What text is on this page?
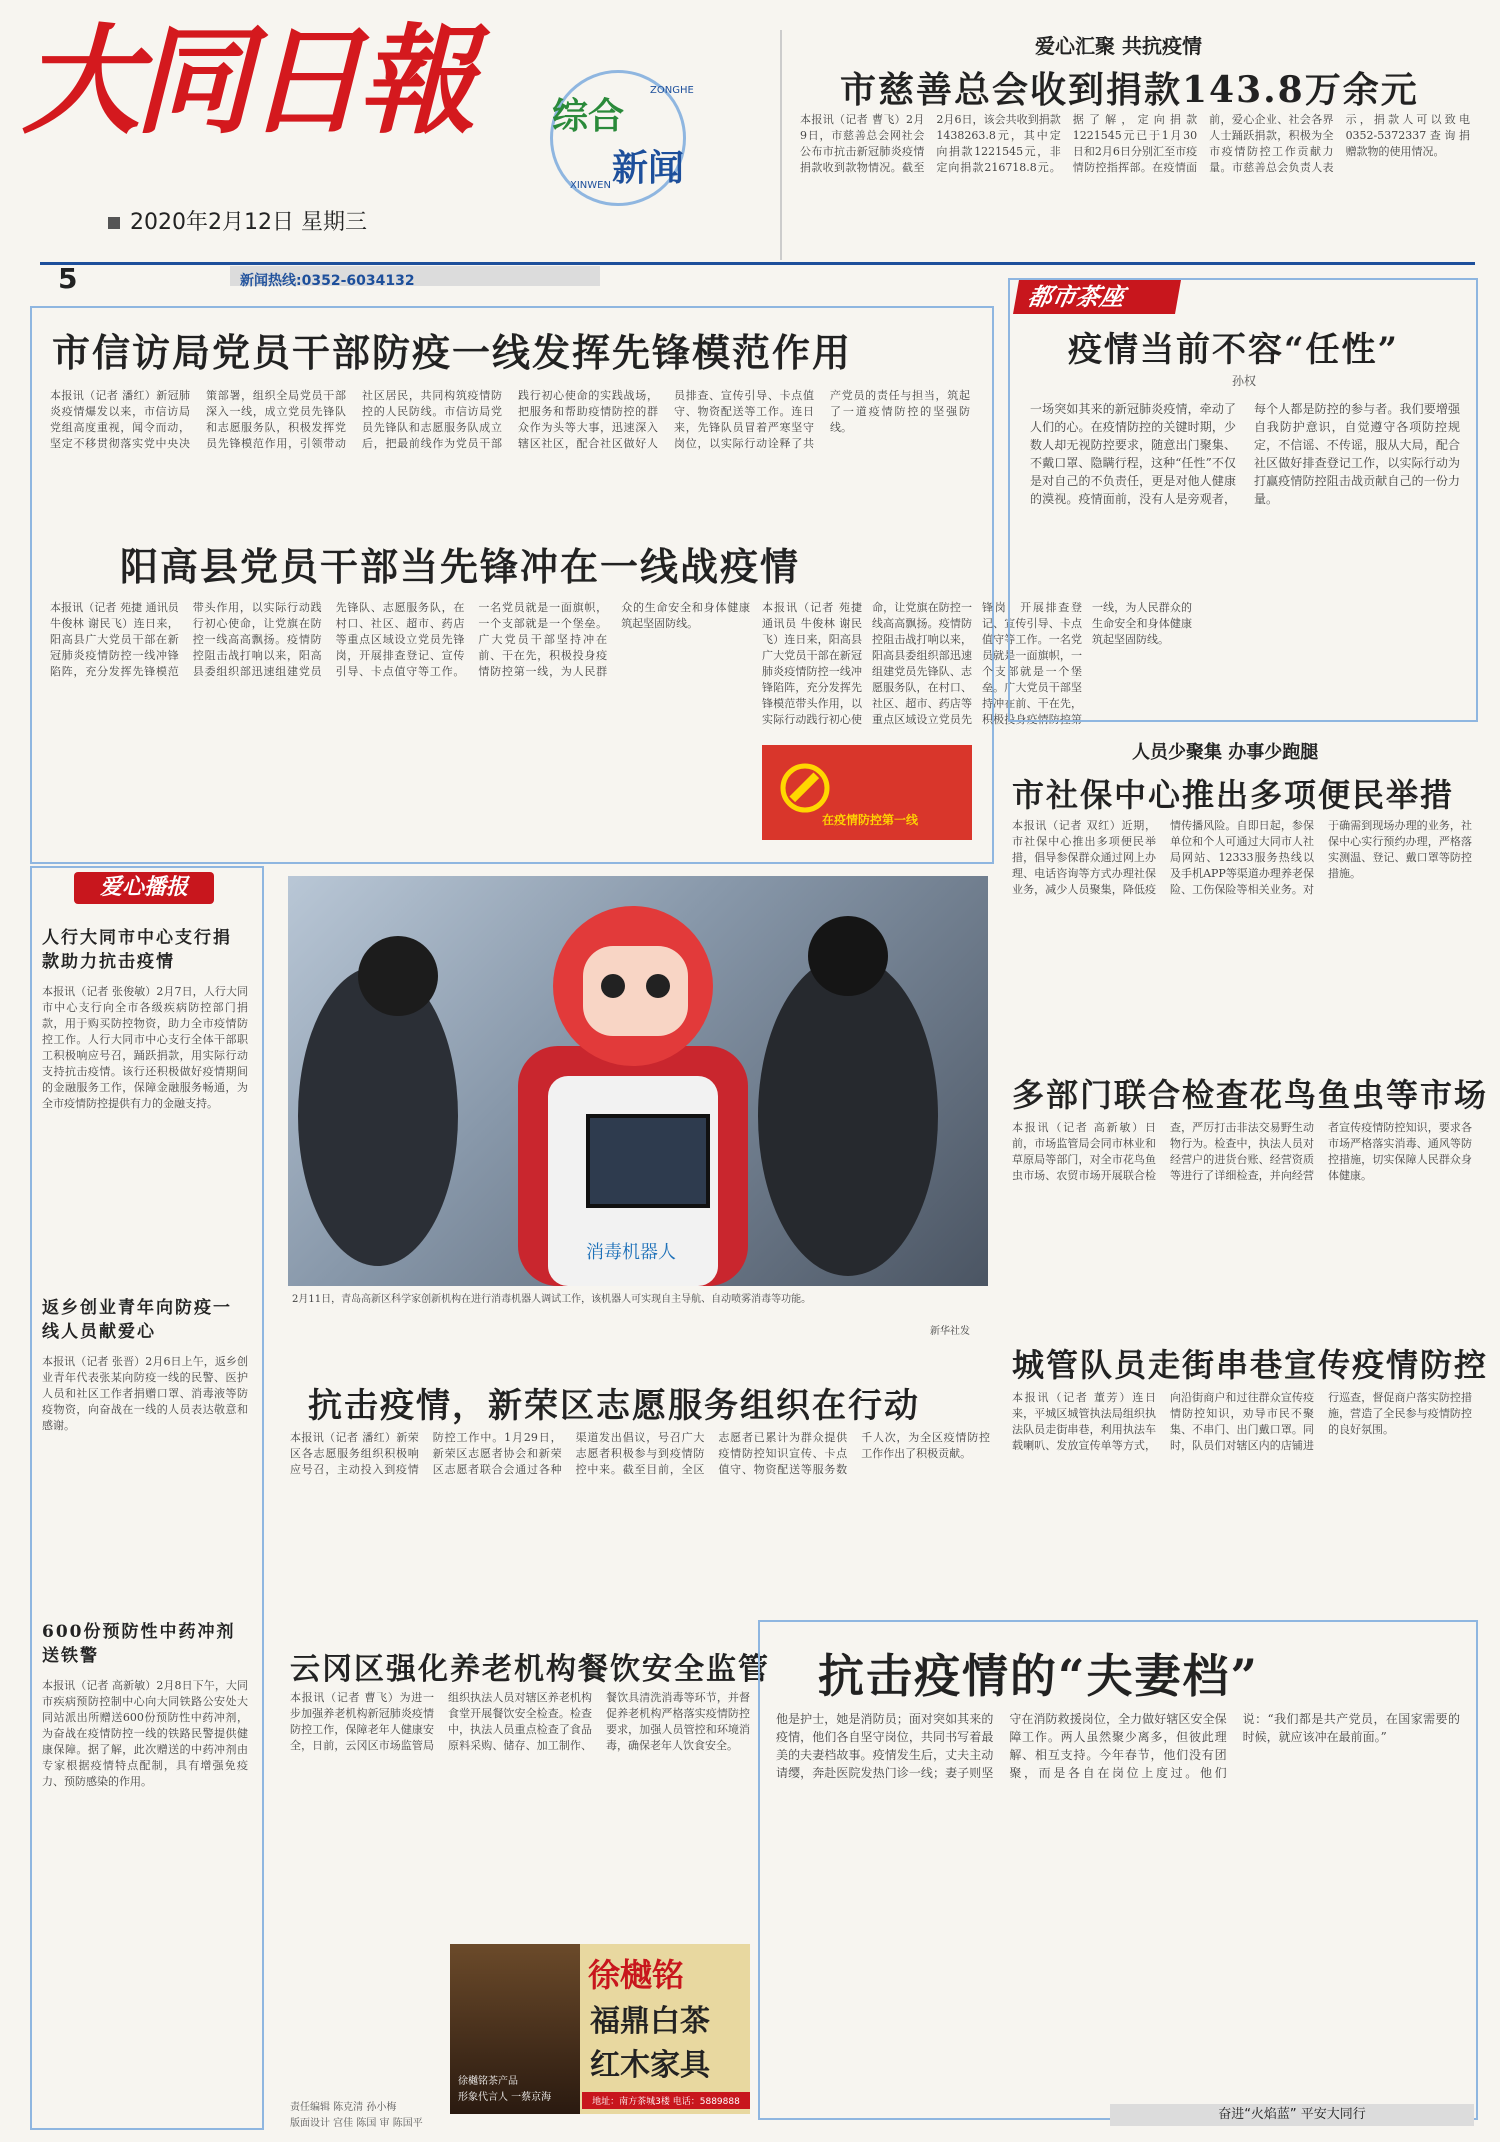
大同日報
2020年2月12日 星期三
综合
新闻
ZONGHE
XINWEN
爱心汇聚 共抗疫情
市慈善总会收到捐款143.8万余元
本报讯（记者 曹飞）2月9日，市慈善总会网社会公布市抗击新冠肺炎疫情捐款收到款物情况。截至2月6日，该会共收到捐款1438263.8元，其中定向捐款1221545元，非定向捐款216718.8元。据了解，定向捐款1221545元已于1月30日和2月6日分别汇至市疫情防控指挥部。在疫情面前，爱心企业、社会各界人士踊跃捐款，积极为全市疫情防控工作贡献力量。市慈善总会负责人表示，捐款人可以致电0352-5372337查询捐赠款物的使用情况。
5	新闻热线:0352-6034132
市信访局党员干部防疫一线发挥先锋模范作用
本报讯（记者 潘红）新冠肺炎疫情爆发以来，市信访局党组高度重视，闻令而动，坚定不移贯彻落实党中央决策部署，组织全局党员干部深入一线，成立党员先锋队和志愿服务队，积极发挥党员先锋模范作用，引领带动社区居民，共同构筑疫情防控的人民防线。市信访局党员先锋队和志愿服务队成立后，把最前线作为党员干部践行初心使命的实践战场，把服务和帮助疫情防控的群众作为头等大事，迅速深入辖区社区，配合社区做好人员排查、宣传引导、卡点值守、物资配送等工作。连日来，先锋队员冒着严寒坚守岗位，以实际行动诠释了共产党员的责任与担当，筑起了一道疫情防控的坚强防线。
阳高县党员干部当先锋冲在一线战疫情
本报讯（记者 苑捷 通讯员 牛俊林 谢民飞）连日来，阳高县广大党员干部在新冠肺炎疫情防控一线冲锋陷阵，充分发挥先锋模范带头作用，以实际行动践行初心使命，让党旗在防控一线高高飘扬。疫情防控阻击战打响以来，阳高县委组织部迅速组建党员先锋队、志愿服务队，在村口、社区、超市、药店等重点区域设立党员先锋岗，开展排查登记、宣传引导、卡点值守等工作。一名党员就是一面旗帜，一个支部就是一个堡垒。广大党员干部坚持冲在前、干在先，积极投身疫情防控第一线，为人民群众的生命安全和身体健康筑起坚固防线。
本报讯（记者 苑捷 通讯员 牛俊林 谢民飞）连日来，阳高县广大党员干部在新冠肺炎疫情防控一线冲锋陷阵，充分发挥先锋模范带头作用，以实际行动践行初心使命，让党旗在防控一线高高飘扬。疫情防控阻击战打响以来，阳高县委组织部迅速组建党员先锋队、志愿服务队，在村口、社区、超市、药店等重点区域设立党员先锋岗，开展排查登记、宣传引导、卡点值守等工作。一名党员就是一面旗帜，一个支部就是一个堡垒。广大党员干部坚持冲在前、干在先，积极投身疫情防控第一线，为人民群众的生命安全和身体健康筑起坚固防线。
在疫情防控第一线
都市茶座
疫情当前不容“任性”
孙权
一场突如其来的新冠肺炎疫情，牵动了人们的心。在疫情防控的关键时期，少数人却无视防控要求，随意出门聚集、不戴口罩、隐瞒行程，这种“任性”不仅是对自己的不负责任，更是对他人健康的漠视。疫情面前，没有人是旁观者，每个人都是防控的参与者。我们要增强自我防护意识，自觉遵守各项防控规定，不信谣、不传谣，服从大局，配合社区做好排查登记工作，以实际行动为打赢疫情防控阻击战贡献自己的一份力量。
人员少聚集 办事少跑腿
市社保中心推出多项便民举措
本报讯（记者 双红）近期，市社保中心推出多项便民举措，倡导参保群众通过网上办理、电话咨询等方式办理社保业务，减少人员聚集，降低疫情传播风险。自即日起，参保单位和个人可通过大同市人社局网站、12333服务热线以及手机APP等渠道办理养老保险、工伤保险等相关业务。对于确需到现场办理的业务，社保中心实行预约办理，严格落实测温、登记、戴口罩等防控措施。
多部门联合检查花鸟鱼虫等市场
本报讯（记者 高新敏）日前，市场监管局会同市林业和草原局等部门，对全市花鸟鱼虫市场、农贸市场开展联合检查，严厉打击非法交易野生动物行为。检查中，执法人员对经营户的进货台账、经营资质等进行了详细检查，并向经营者宣传疫情防控知识，要求各市场严格落实消毒、通风等防控措施，切实保障人民群众身体健康。
城管队员走街串巷宣传疫情防控
本报讯（记者 董芳）连日来，平城区城管执法局组织执法队员走街串巷，利用执法车载喇叭、发放宣传单等方式，向沿街商户和过往群众宣传疫情防控知识，劝导市民不聚集、不串门、出门戴口罩。同时，队员们对辖区内的店铺进行巡查，督促商户落实防控措施，营造了全民参与疫情防控的良好氛围。
爱心播报
人行大同市中心支行捐款助力抗击疫情
本报讯（记者 张俊敏）2月7日，人行大同市中心支行向全市各级疾病防控部门捐款，用于购买防控物资，助力全市疫情防控工作。人行大同市中心支行全体干部职工积极响应号召，踊跃捐款，用实际行动支持抗击疫情。该行还积极做好疫情期间的金融服务工作，保障金融服务畅通，为全市疫情防控提供有力的金融支持。
返乡创业青年向防疫一线人员献爱心
本报讯（记者 张晋）2月6日上午，返乡创业青年代表张某向防疫一线的民警、医护人员和社区工作者捐赠口罩、消毒液等防疫物资，向奋战在一线的人员表达敬意和感谢。
600份预防性中药冲剂送铁警
本报讯（记者 高新敏）2月8日下午，大同市疾病预防控制中心向大同铁路公安处大同站派出所赠送600份预防性中药冲剂，为奋战在疫情防控一线的铁路民警提供健康保障。据了解，此次赠送的中药冲剂由专家根据疫情特点配制，具有增强免疫力、预防感染的作用。
消毒机器人
2月11日，青岛高新区科学家创新机构在进行消毒机器人调试工作，该机器人可实现自主导航、自动喷雾消毒等功能。
新华社发
抗击疫情，新荣区志愿服务组织在行动
本报讯（记者 潘红）新荣区各志愿服务组织积极响应号召，主动投入到疫情防控工作中。1月29日，新荣区志愿者协会和新荣区志愿者联合会通过各种渠道发出倡议，号召广大志愿者积极参与到疫情防控中来。截至目前，全区志愿者已累计为群众提供疫情防控知识宣传、卡点值守、物资配送等服务数千人次，为全区疫情防控工作作出了积极贡献。
云冈区强化养老机构餐饮安全监管
本报讯（记者 曹飞）为进一步加强养老机构新冠肺炎疫情防控工作，保障老年人健康安全，日前，云冈区市场监管局组织执法人员对辖区养老机构食堂开展餐饮安全检查。检查中，执法人员重点检查了食品原料采购、储存、加工制作、餐饮具清洗消毒等环节，并督促养老机构严格落实疫情防控要求，加强人员管控和环境消毒，确保老年人饮食安全。
抗击疫情的“夫妻档”
他是护士，她是消防员；面对突如其来的疫情，他们各自坚守岗位，共同书写着最美的夫妻档故事。疫情发生后，丈夫主动请缨，奔赴医院发热门诊一线；妻子则坚守在消防救援岗位，全力做好辖区安全保障工作。两人虽然聚少离多，但彼此理解、相互支持。今年春节，他们没有团聚，而是各自在岗位上度过。他们说：“我们都是共产党员，在国家需要的时候，就应该冲在最前面。”
徐樾铭茶产品
形象代言人 一蔡京海
徐樾铭
福鼎白茶
红木家具
地址：南方茶城3楼 电话：5889888
责任编辑 陈克清 孙小梅
版面设计 宫佳 陈国 审 陈国平
奋进“火焰蓝” 平安大同行
